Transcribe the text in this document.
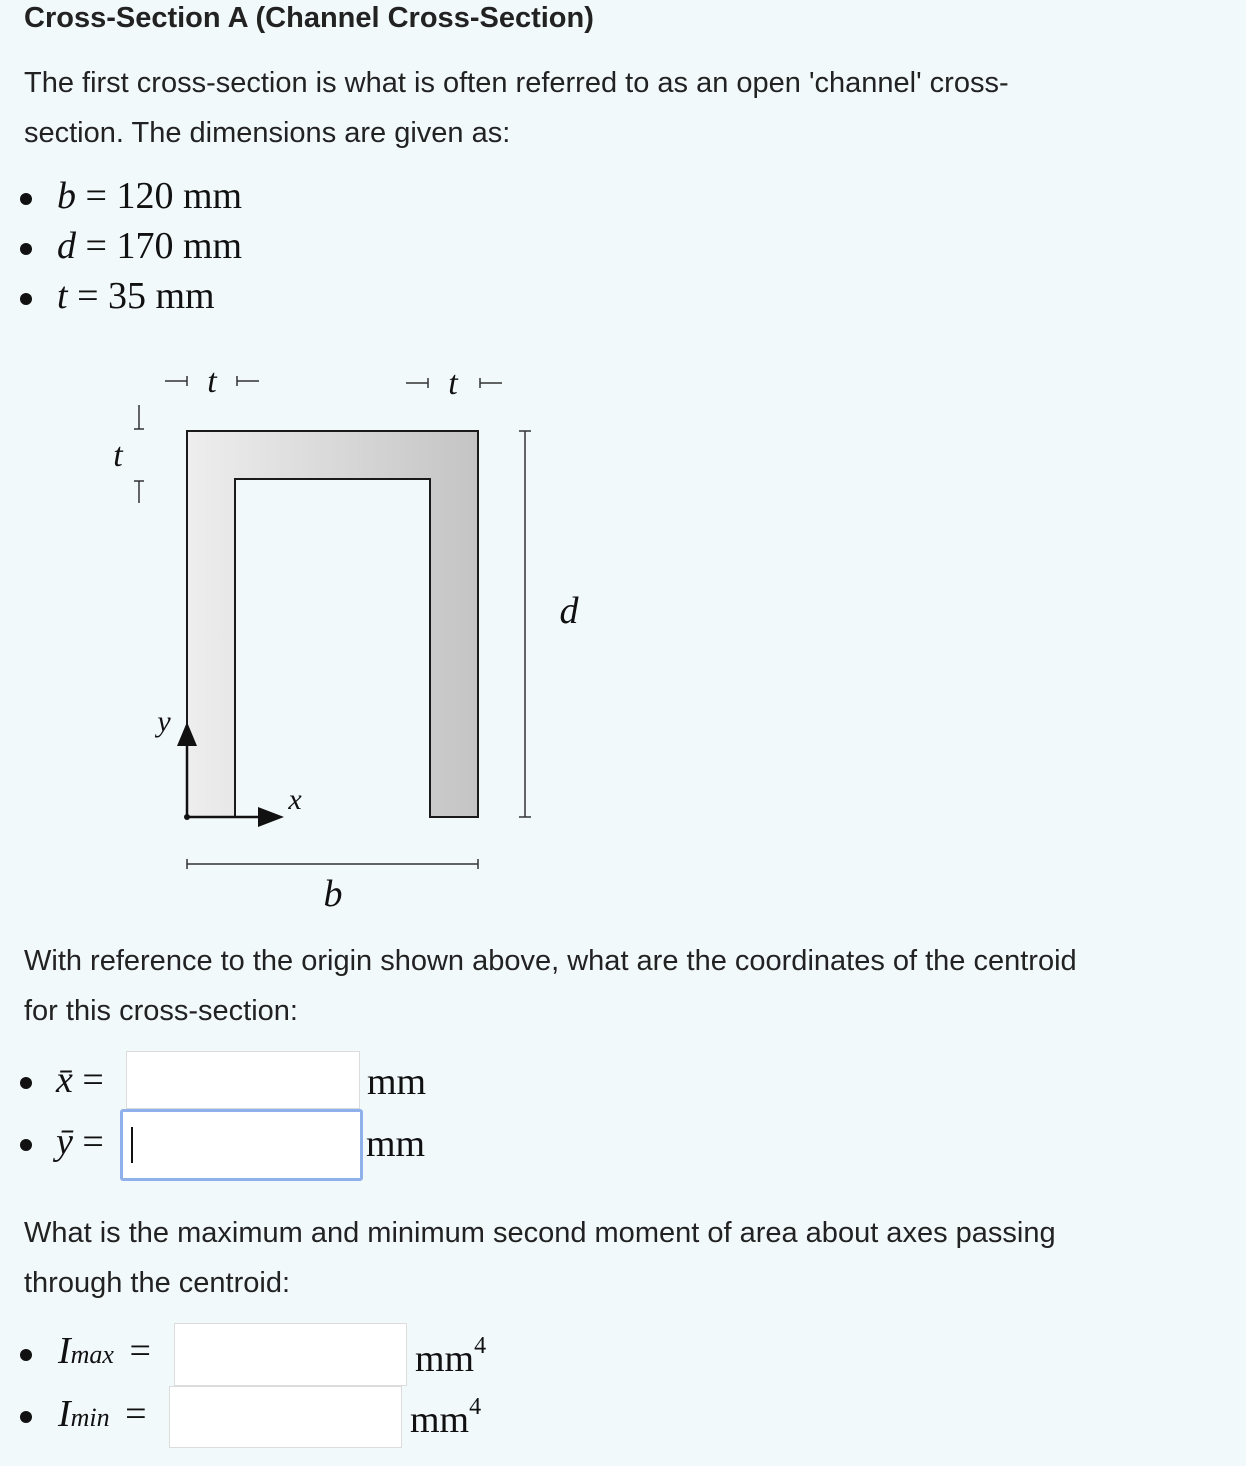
Cross-Section A (Channel Cross-Section)

The first cross-section is what is often referred to as an open 'channel' cross-

section. The dimensions are given as:

b = 120 mm
d = 170 mm
t = 35 mm
t	t
t
d
b
y
x

With reference to the origin shown above, what are the coordinates of the centroid

for this cross-section:

x̄ =	mm
ȳ =	mm

What is the maximum and minimum second moment of area about axes passing

through the centroid:

Imax =	$mm^4$
Imin =	$mm^4$
